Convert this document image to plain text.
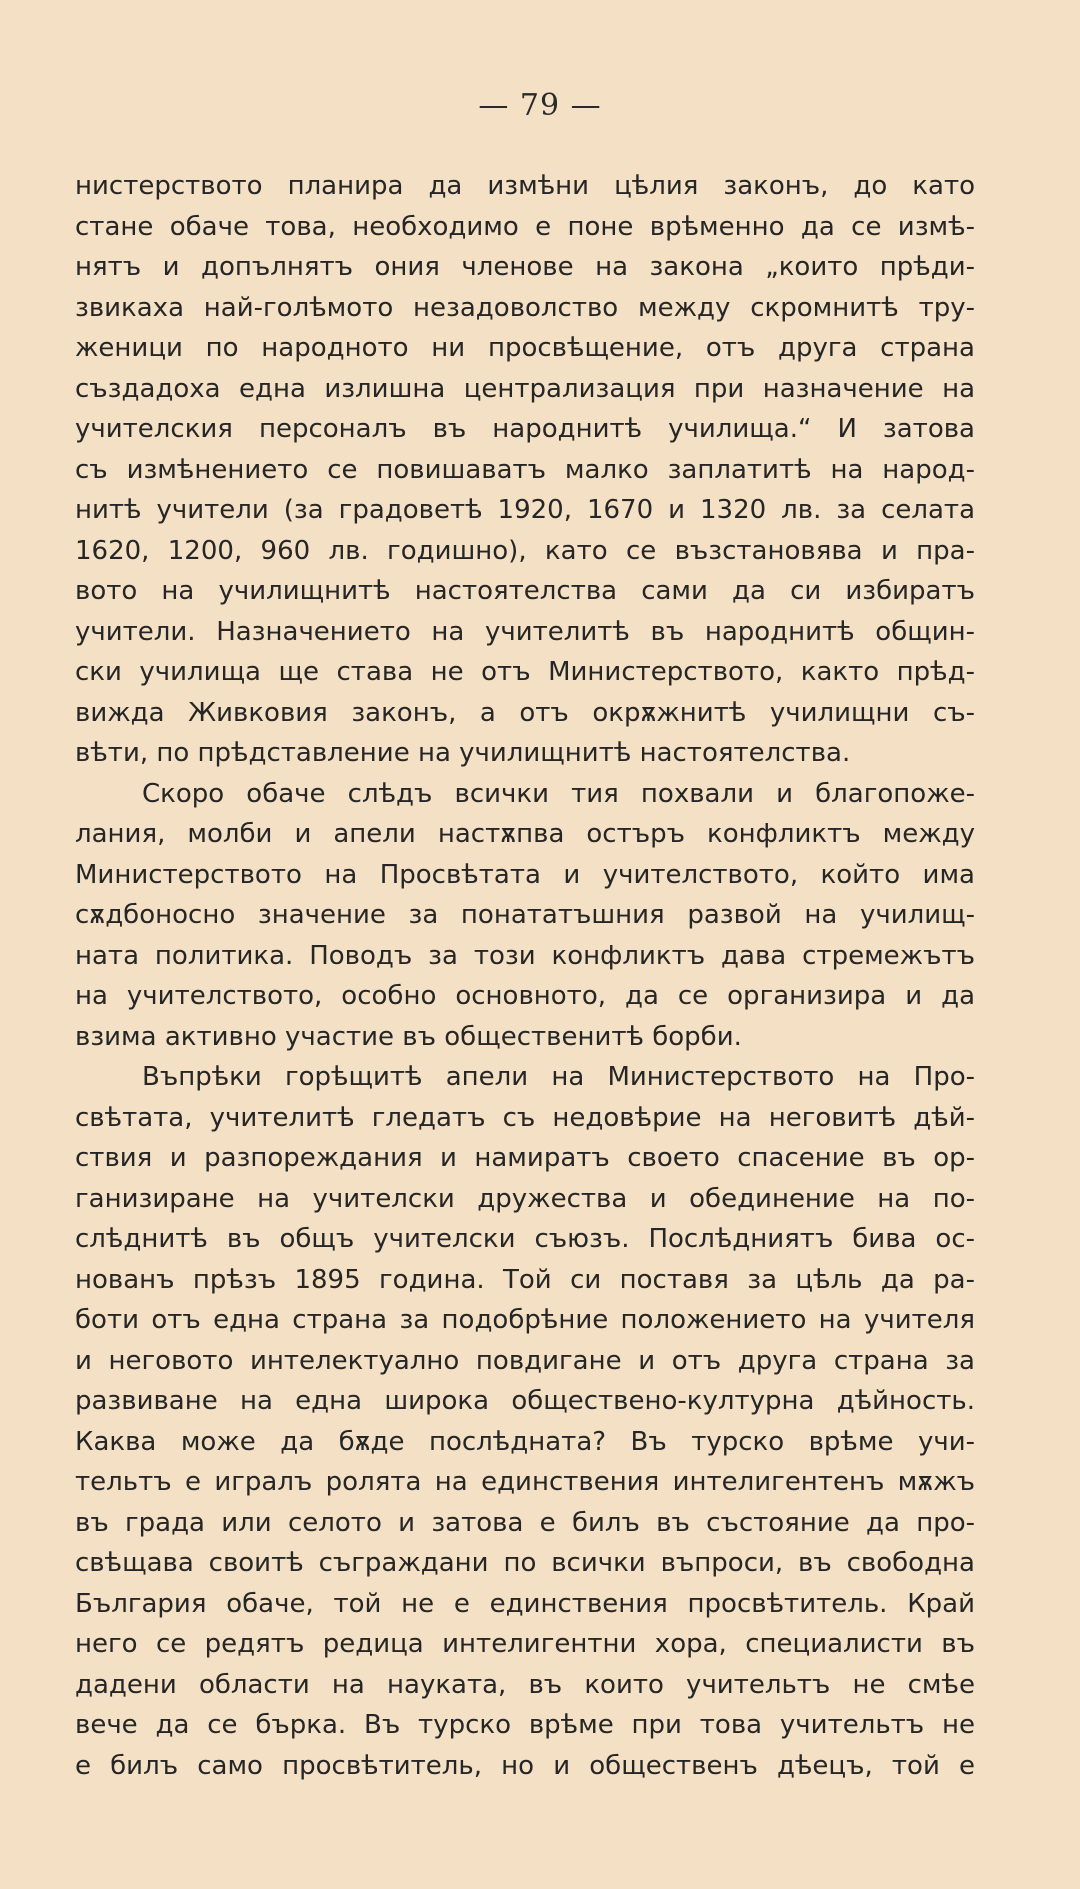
— 79 —
нистерството планира да измѣни цѣлия законъ, до като
стане обаче това, необходимо е поне врѣменно да се измѣ-
нятъ и допълнятъ ония членове на закона „които прѣди-
звикаха най-голѣмото незадоволство между скромнитѣ тру-
женици по народното ни просвѣщение, отъ друга страна
създадоха една излишна централизация при назначение на
учителския персоналъ въ народнитѣ училища.“ И затова
съ измѣнението се повишаватъ малко заплатитѣ на народ-
нитѣ учители (за градоветѣ 1920, 1670 и 1320 лв. за селата
1620, 1200, 960 лв. годишно), като се възстановява и пра-
вото на училищнитѣ настоятелства сами да си избиратъ
учители. Назначението на учителитѣ въ народнитѣ общин-
ски училища ще става не отъ Министерството, както прѣд-
вижда Живковия законъ, а отъ окрѫжнитѣ училищни съ-
вѣти, по прѣдставление на училищнитѣ настоятелства.
Скоро обаче слѣдъ всички тия похвали и благопоже-
лания, молби и апели настѫпва остъръ конфликтъ между
Министерството на Просвѣтата и учителството, който има
сѫдбоносно значение за понататъшния развой на училищ-
ната политика. Поводъ за този конфликтъ дава стремежътъ
на учителството, особно основното, да се организира и да
взима активно участие въ общественитѣ борби.
Въпрѣки горѣщитѣ апели на Министерството на Про-
свѣтата, учителитѣ гледатъ съ недовѣрие на неговитѣ дѣй-
ствия и разпореждания и намиратъ своето спасение въ ор-
ганизиране на учителски дружества и обединение на по-
слѣднитѣ въ общъ учителски съюзъ. Послѣдниятъ бива ос-
нованъ прѣзъ 1895 година. Той си поставя за цѣль да ра-
боти отъ една страна за подобрѣние положението на учителя
и неговото интелектуално повдигане и отъ друга страна за
развиване на една широка обществено-културна дѣйность.
Каква може да бѫде послѣдната? Въ турско врѣме учи-
тельтъ е игралъ ролята на единствения интелигентенъ мѫжъ
въ града или селото и затова е билъ въ състояние да про-
свѣщава своитѣ съграждани по всички въпроси, въ свободна
България обаче, той не е единствения просвѣтитель. Край
него се редятъ редица интелигентни хора, специалисти въ
дадени области на науката, въ които учительтъ не смѣе
вече да се бърка. Въ турско врѣме при това учительтъ не
е билъ само просвѣтитель, но и общественъ дѣецъ, той е
